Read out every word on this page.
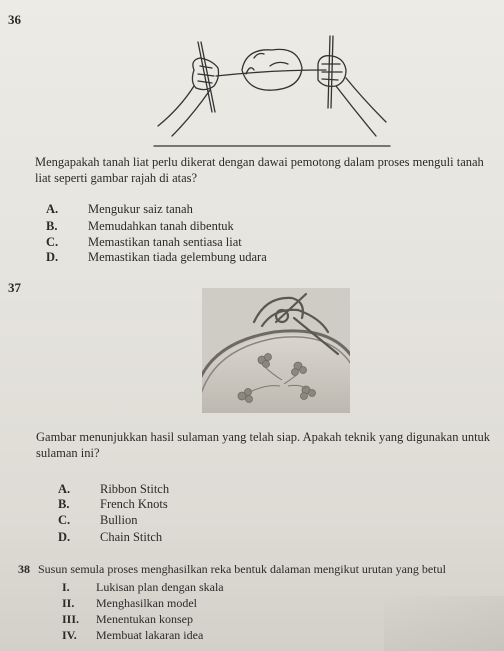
36
Mengapakah tanah liat perlu dikerat dengan dawai pemotong dalam proses menguli tanah
liat seperti gambar rajah di atas?
A. Mengukur saiz tanah
B. Memudahkan tanah dibentuk
C. Memastikan tanah sentiasa liat
D. Memastikan tiada gelembung udara
37
Gambar menunjukkan hasil sulaman yang telah siap. Apakah teknik yang digunakan untuk
sulaman ini?
A. Ribbon Stitch
B. French Knots
C. Bullion
D. Chain Stitch
38 Susun semula proses menghasilkan reka bentuk dalaman mengikut urutan yang betul
I. Lukisan plan dengan skala
II. Menghasilkan model
III. Menentukan konsep
IV. Membuat lakaran idea
